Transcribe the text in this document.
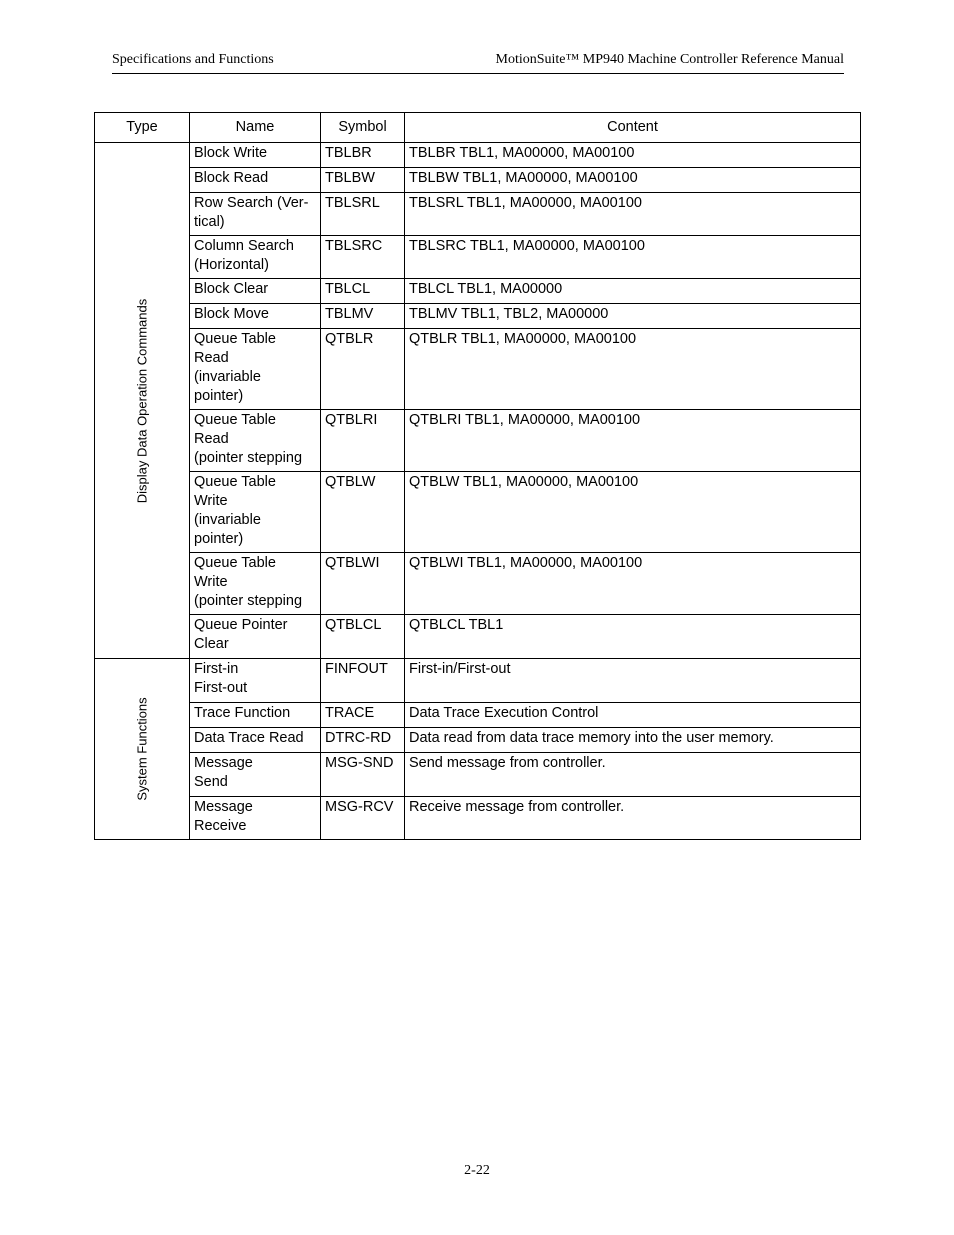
Specifications and Functions	MotionSuite™ MP940 Machine Controller Reference Manual
Type	Name	Symbol	Content

Display Data Operation Commands	Block Write	TBLBR	TBLBR TBL1, MA00000, MA00100

	Block Read	TBLBW	TBLBW TBL1, MA00000, MA00100

	Row Search (Ver-
tical)	TBLSRL	TBLSRL TBL1, MA00000, MA00100

	Column Search
(Horizontal)	TBLSRC	TBLSRC TBL1, MA00000, MA00100

	Block Clear	TBLCL	TBLCL TBL1, MA00000

	Block Move	TBLMV	TBLMV TBL1, TBL2, MA00000

	Queue Table
Read
(invariable
pointer)	QTBLR	QTBLR TBL1, MA00000, MA00100

	Queue Table
Read
(pointer stepping	QTBLRI	QTBLRI TBL1, MA00000, MA00100

	Queue Table
Write
(invariable
pointer)	QTBLW	QTBLW TBL1, MA00000, MA00100

	Queue Table
Write
(pointer stepping	QTBLWI	QTBLWI TBL1, MA00000, MA00100

	Queue Pointer
Clear	QTBLCL	QTBLCL TBL1

System Functions	First-in
First-out	FINFOUT	First-in/First-out

	Trace Function	TRACE	Data Trace Execution Control

	Data Trace Read	DTRC-RD	Data read from data trace memory into the user memory.

	Message
Send	MSG-SND	Send message from controller.

	Message
Receive	MSG-RCV	Receive message from controller.
2-22
